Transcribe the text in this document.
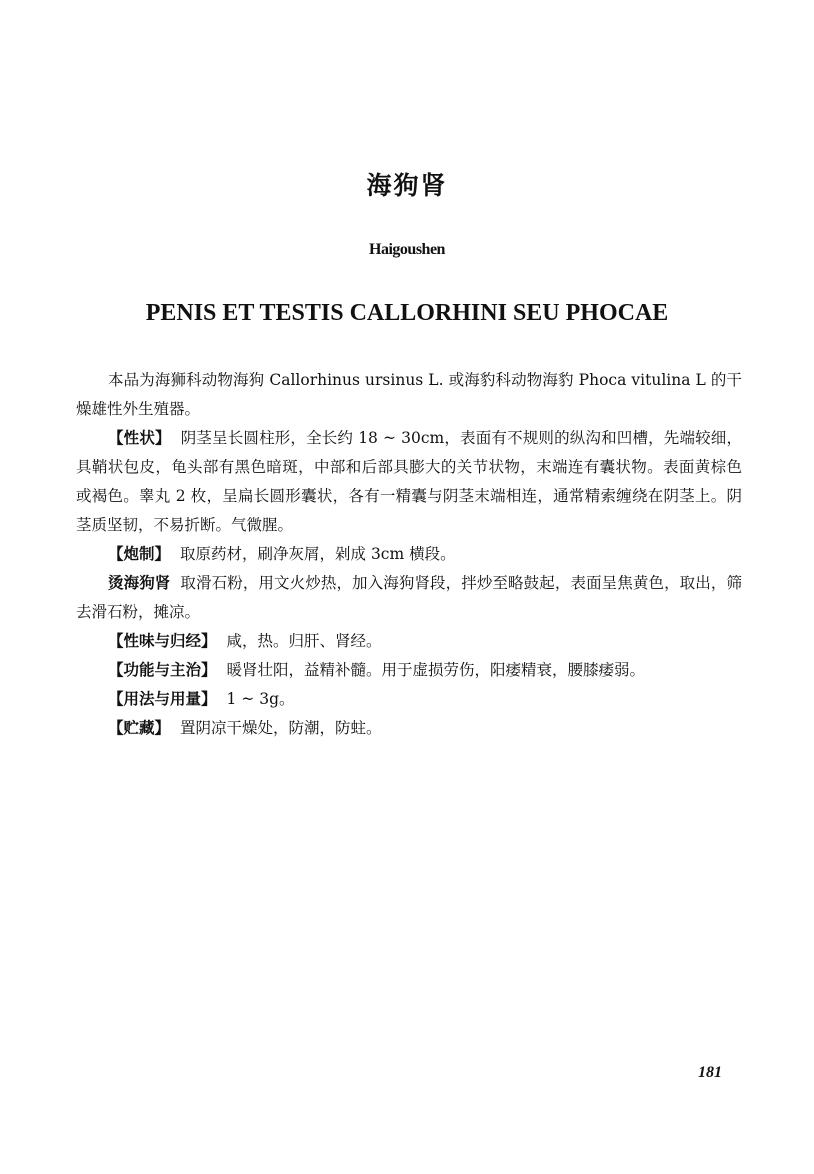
海狗肾
Haigoushen
PENIS ET TESTIS CALLORHINI SEU PHOCAE

本品为海狮科动物海狗 Callorhinus ursinus L. 或海豹科动物海豹 Phoca vitulina L 的干燥雄性外生殖器。

【性状】 阴茎呈长圆柱形，全长约 18 ~ 30cm，表面有不规则的纵沟和凹槽，先端较细，具鞘状包皮，龟头部有黑色暗斑，中部和后部具膨大的关节状物，末端连有囊状物。表面黄棕色或褐色。睾丸 2 枚，呈扁长圆形囊状，各有一精囊与阴茎末端相连，通常精索缠绕在阴茎上。阴茎质坚韧，不易折断。气微腥。

【炮制】 取原药材，刷净灰屑，剁成 3cm 横段。

烫海狗肾 取滑石粉，用文火炒热，加入海狗肾段，拌炒至略鼓起，表面呈焦黄色，取出，筛去滑石粉，摊凉。

【性味与归经】 咸，热。归肝、肾经。

【功能与主治】 暖肾壮阳，益精补髓。用于虚损劳伤，阳痿精衰，腰膝痿弱。

【用法与用量】 1 ~ 3g。

【贮藏】 置阴凉干燥处，防潮，防蛀。

181
